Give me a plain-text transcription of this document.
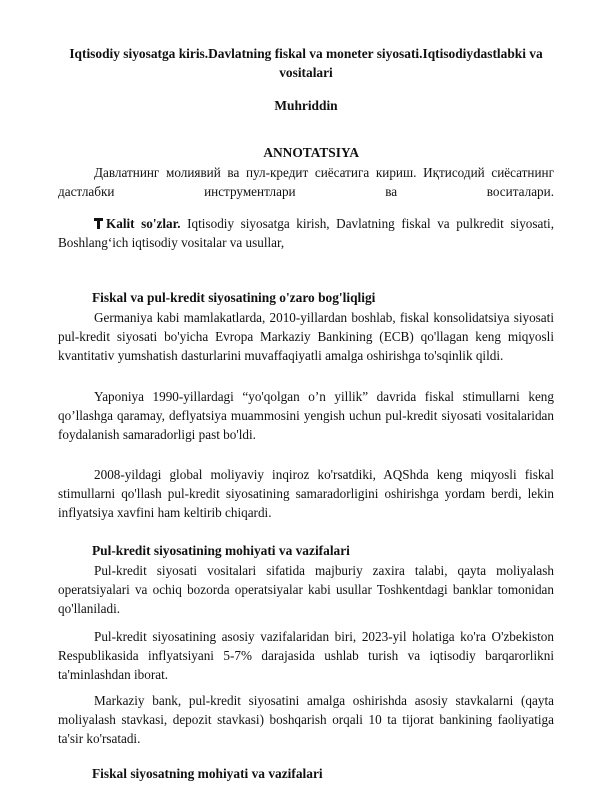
Iqtisodiy siyosatga kiris.Davlatning fiskal va moneter siyosati.Iqtisodiydastlabki va vositalari
Muhriddin
ANNOTATSIYA
Давлатнинг молиявий ва пул-кредит сиёсатига кириш. Иқтисодий сиёсатнинг дастлабки инструментлари ва воситалари.
Kalit so'zlar. Iqtisodiy siyosatga kirish, Davlatning fiskal va pulkredit siyosati, Boshlang‘ich iqtisodiy vositalar va usullar,
Fiskal va pul-kredit siyosatining o'zaro bog'liqligi
Germaniya kabi mamlakatlarda, 2010-yillardan boshlab, fiskal konsolidatsiya siyosati pul-kredit siyosati bo'yicha Evropa Markaziy Bankining (ECB) qo'llagan keng miqyosli kvantitativ yumshatish dasturlarini muvaffaqiyatli amalga oshirishga to'sqinlik qildi.
Yaponiya 1990-yillardagi “yo'qolgan o’n yillik” davrida fiskal stimullarni keng qo’llashga qaramay, deflyatsiya muammosini yengish uchun pul-kredit siyosati vositalaridan foydalanish samaradorligi past bo'ldi.
2008-yildagi global moliyaviy inqiroz ko'rsatdiki, AQShda keng miqyosli fiskal stimullarni qo'llash pul-kredit siyosatining samaradorligini oshirishga yordam berdi, lekin inflyatsiya xavfini ham keltirib chiqardi.
Pul-kredit siyosatining mohiyati va vazifalari
Pul-kredit siyosati vositalari sifatida majburiy zaxira talabi, qayta moliyalash operatsiyalari va ochiq bozorda operatsiyalar kabi usullar Toshkentdagi banklar tomonidan qo'llaniladi.
Pul-kredit siyosatining asosiy vazifalaridan biri, 2023-yil holatiga ko'ra O'zbekiston Respublikasida inflyatsiyani 5-7% darajasida ushlab turish va iqtisodiy barqarorlikni ta'minlashdan iborat.
Markaziy bank, pul-kredit siyosatini amalga oshirishda asosiy stavkalarni (qayta moliyalash stavkasi, depozit stavkasi) boshqarish orqali 10 ta tijorat bankining faoliyatiga ta'sir ko'rsatadi.
Fiskal siyosatning mohiyati va vazifalari
